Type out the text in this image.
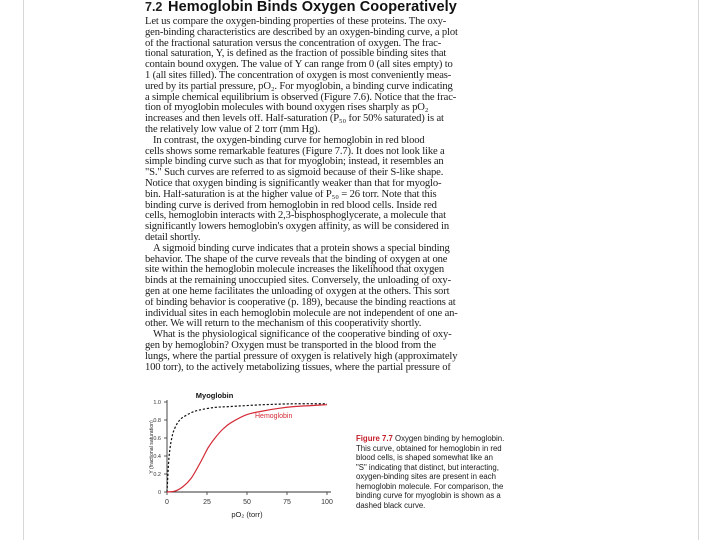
7.2 Hemoglobin Binds Oxygen Cooperatively
Let us compare the oxygen-binding properties of these proteins. The oxy-
gen-binding characteristics are described by an oxygen-binding curve, a plot
of the fractional saturation versus the concentration of oxygen. The frac-
tional saturation, Y, is defined as the fraction of possible binding sites that
contain bound oxygen. The value of Y can range from 0 (all sites empty) to
1 (all sites filled). The concentration of oxygen is most conveniently meas-
ured by its partial pressure, pO₂. For myoglobin, a binding curve indicating
a simple chemical equilibrium is observed (Figure 7.6). Notice that the frac-
tion of myoglobin molecules with bound oxygen rises sharply as pO₂
increases and then levels off. Half-saturation (P₅₀ for 50% saturated) is at
the relatively low value of 2 torr (mm Hg).
In contrast, the oxygen-binding curve for hemoglobin in red blood
cells shows some remarkable features (Figure 7.7). It does not look like a
simple binding curve such as that for myoglobin; instead, it resembles an
"S." Such curves are referred to as sigmoid because of their S-like shape.
Notice that oxygen binding is significantly weaker than that for myoglo-
bin. Half-saturation is at the higher value of P₅₀ = 26 torr. Note that this
binding curve is derived from hemoglobin in red blood cells. Inside red
cells, hemoglobin interacts with 2,3-bisphosphoglycerate, a molecule that
significantly lowers hemoglobin's oxygen affinity, as will be considered in
detail shortly.
A sigmoid binding curve indicates that a protein shows a special binding
behavior. The shape of the curve reveals that the binding of oxygen at one
site within the hemoglobin molecule increases the likelihood that oxygen
binds at the remaining unoccupied sites. Conversely, the unloading of oxy-
gen at one heme facilitates the unloading of oxygen at the others. This sort
of binding behavior is cooperative (p. 189), because the binding reactions at
individual sites in each hemoglobin molecule are not independent of one an-
other. We will return to the mechanism of this cooperativity shortly.
What is the physiological significance of the cooperative binding of oxy-
gen by hemoglobin? Oxygen must be transported in the blood from the
lungs, where the partial pressure of oxygen is relatively high (approximately
100 torr), to the actively metabolizing tissues, where the partial pressure of
0
0.2
0.4
0.6
0.8
1.0
0	25	50	75	100
pO₂ (torr)
Y (fractional saturation)
Myoglobin
Hemoglobin
Figure 7.7 Oxygen binding by hemoglobin.
This curve, obtained for hemoglobin in red
blood cells, is shaped somewhat like an
"S" indicating that distinct, but interacting,
oxygen-binding sites are present in each
hemoglobin molecule. For comparison, the
binding curve for myoglobin is shown as a
dashed black curve.
